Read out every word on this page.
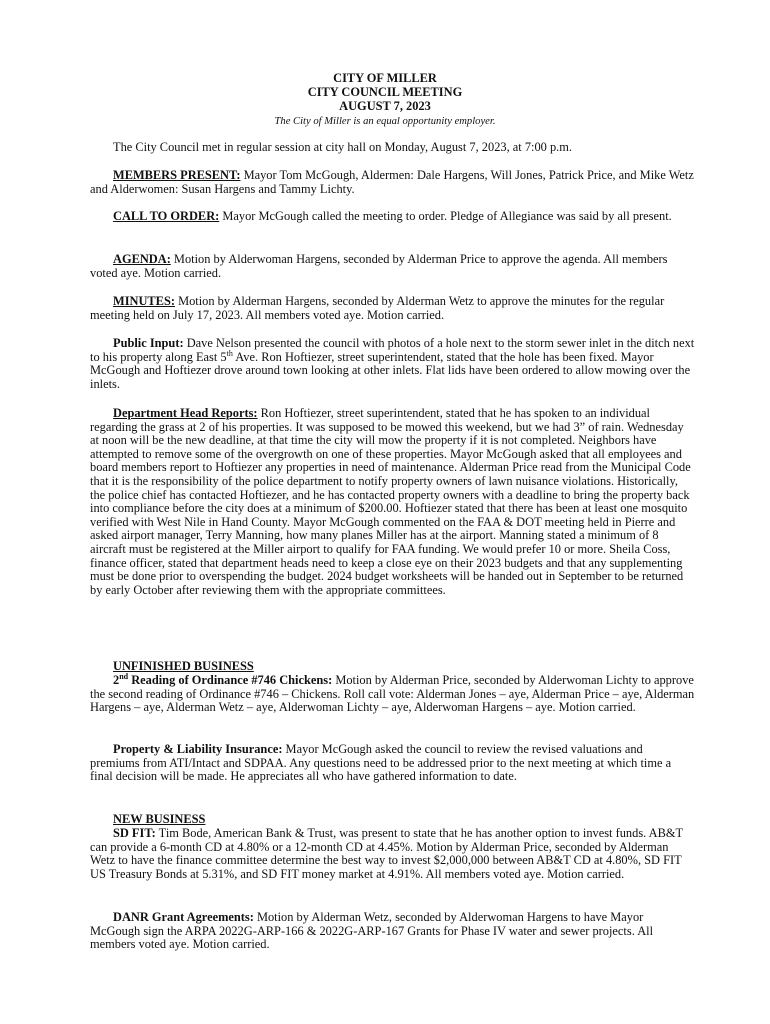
CITY OF MILLER
CITY COUNCIL MEETING
AUGUST 7, 2023
The City of Miller is an equal opportunity employer.

The City Council met in regular session at city hall on Monday, August 7, 2023, at 7:00 p.m.

MEMBERS PRESENT: Mayor Tom McGough, Aldermen: Dale Hargens, Will Jones, Patrick Price, and Mike Wetz and Alderwomen: Susan Hargens and Tammy Lichty.

CALL TO ORDER: Mayor McGough called the meeting to order. Pledge of Allegiance was said by all present.

AGENDA: Motion by Alderwoman Hargens, seconded by Alderman Price to approve the agenda. All members voted aye. Motion carried.

MINUTES: Motion by Alderman Hargens, seconded by Alderman Wetz to approve the minutes for the regular meeting held on July 17, 2023. All members voted aye. Motion carried.

Public Input: Dave Nelson presented the council with photos of a hole next to the storm sewer inlet in the ditch next to his property along East 5th Ave. Ron Hoftiezer, street superintendent, stated that the hole has been fixed. Mayor McGough and Hoftiezer drove around town looking at other inlets. Flat lids have been ordered to allow mowing over the inlets.

Department Head Reports: Ron Hoftiezer, street superintendent, stated that he has spoken to an individual regarding the grass at 2 of his properties. It was supposed to be mowed this weekend, but we had 3” of rain. Wednesday at noon will be the new deadline, at that time the city will mow the property if it is not completed. Neighbors have attempted to remove some of the overgrowth on one of these properties. Mayor McGough asked that all employees and board members report to Hoftiezer any properties in need of maintenance. Alderman Price read from the Municipal Code that it is the responsibility of the police department to notify property owners of lawn nuisance violations. Historically, the police chief has contacted Hoftiezer, and he has contacted property owners with a deadline to bring the property back into compliance before the city does at a minimum of $200.00. Hoftiezer stated that there has been at least one mosquito verified with West Nile in Hand County. Mayor McGough commented on the FAA & DOT meeting held in Pierre and asked airport manager, Terry Manning, how many planes Miller has at the airport. Manning stated a minimum of 8 aircraft must be registered at the Miller airport to qualify for FAA funding. We would prefer 10 or more. Sheila Coss, finance officer, stated that department heads need to keep a close eye on their 2023 budgets and that any supplementing must be done prior to overspending the budget. 2024 budget worksheets will be handed out in September to be returned by early October after reviewing them with the appropriate committees.

UNFINISHED BUSINESS

2nd Reading of Ordinance #746 Chickens: Motion by Alderman Price, seconded by Alderwoman Lichty to approve the second reading of Ordinance #746 – Chickens. Roll call vote: Alderman Jones – aye, Alderman Price – aye, Alderman Hargens – aye, Alderman Wetz – aye, Alderwoman Lichty – aye, Alderwoman Hargens – aye. Motion carried.

Property & Liability Insurance: Mayor McGough asked the council to review the revised valuations and premiums from ATI/Intact and SDPAA. Any questions need to be addressed prior to the next meeting at which time a final decision will be made. He appreciates all who have gathered information to date.

NEW BUSINESS

SD FIT: Tim Bode, American Bank & Trust, was present to state that he has another option to invest funds. AB&T can provide a 6-month CD at 4.80% or a 12-month CD at 4.45%. Motion by Alderman Price, seconded by Alderman Wetz to have the finance committee determine the best way to invest $2,000,000 between AB&T CD at 4.80%, SD FIT US Treasury Bonds at 5.31%, and SD FIT money market at 4.91%. All members voted aye. Motion carried.

DANR Grant Agreements: Motion by Alderman Wetz, seconded by Alderwoman Hargens to have Mayor McGough sign the ARPA 2022G-ARP-166 & 2022G-ARP-167 Grants for Phase IV water and sewer projects. All members voted aye. Motion carried.
